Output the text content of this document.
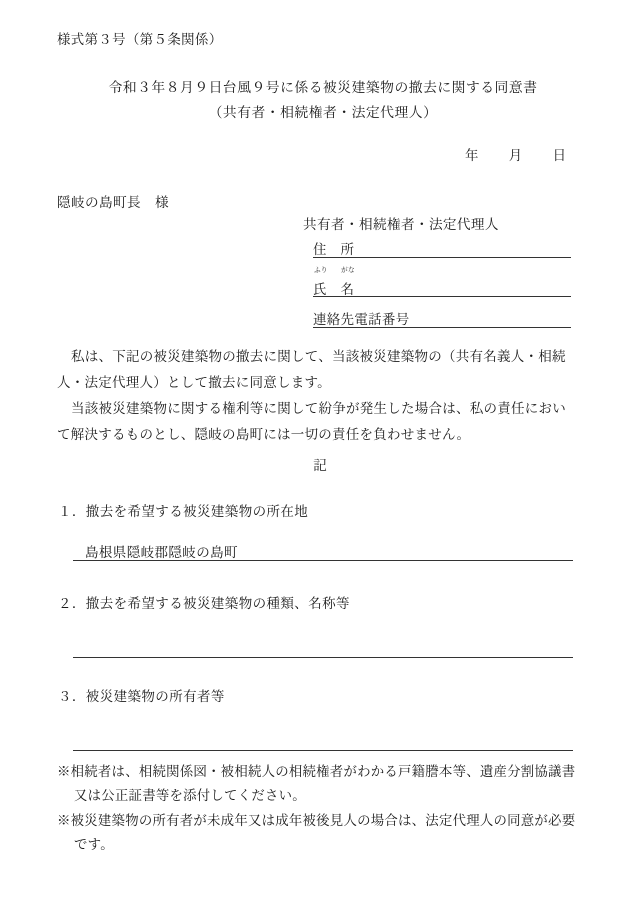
様式第３号（第５条関係）
令和３年８月９日台風９号に係る被災建築物の撤去に関する同意書
（共有者・相続権者・法定代理人）
年 月 日
隠岐の島町長　様
共有者・相続権者・法定代理人
住　所
ふり　　がな
氏　名
連絡先電話番号
私は、下記の被災建築物の撤去に関して、当該被災建築物の（共有名義人・相続人・法定代理人）として撤去に同意します。
当該被災建築物に関する権利等に関して紛争が発生した場合は、私の責任において解決するものとし、隠岐の島町には一切の責任を負わせません。
記
１．撤去を希望する被災建築物の所在地
島根県隠岐郡隠岐の島町
２．撤去を希望する被災建築物の種類、名称等
３．被災建築物の所有者等
※相続者は、相続関係図・被相続人の相続権者がわかる戸籍謄本等、遺産分割協議書又は公正証書等を添付してください。
※被災建築物の所有者が未成年又は成年被後見人の場合は、法定代理人の同意が必要です。
